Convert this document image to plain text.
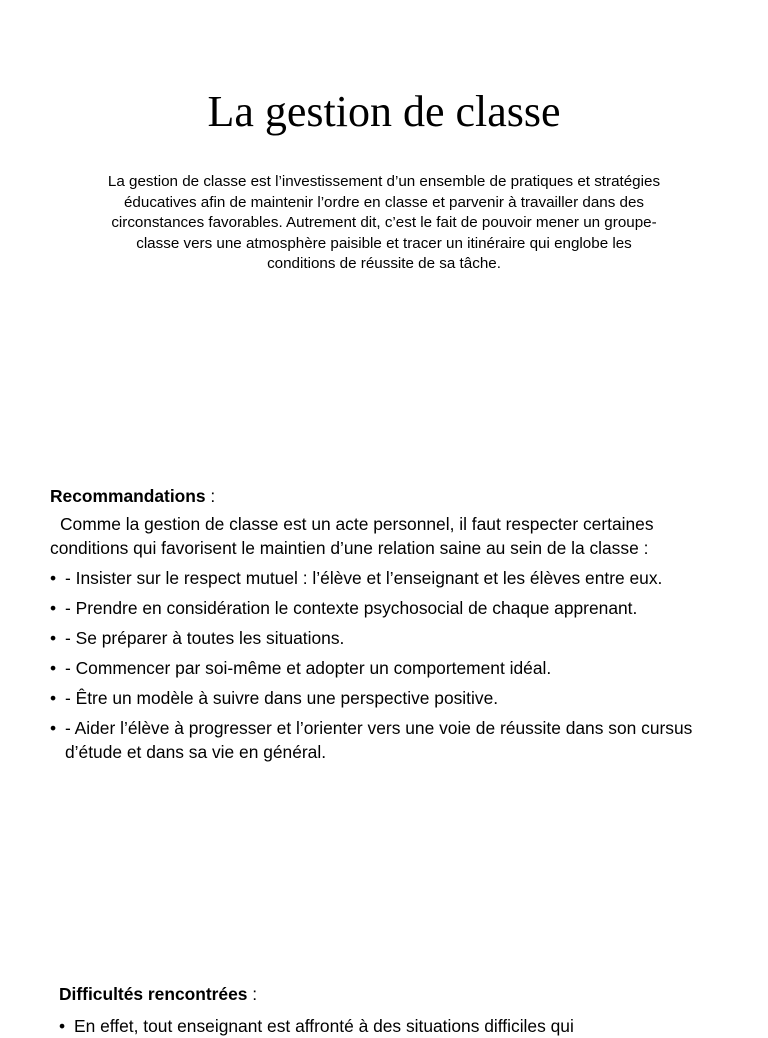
La gestion de classe

La gestion de classe est l’investissement d’un ensemble de pratiques et stratégies éducatives afin de maintenir l’ordre en classe et parvenir à travailler dans des circonstances favorables. Autrement dit, c’est le fait de pouvoir mener un groupe-classe vers une atmosphère paisible et tracer un itinéraire qui englobe les conditions de réussite de sa tâche.

Recommandations :

Comme la gestion de classe est un acte personnel, il faut respecter certaines conditions qui favorisent le maintien d’une relation saine au sein de la classe :

• - Insister sur le respect mutuel : l’élève et l’enseignant et les élèves entre eux.
• - Prendre en considération le contexte psychosocial de chaque apprenant.
• - Se préparer à toutes les situations.
• - Commencer par soi-même et adopter un comportement idéal.
• - Être un modèle à suivre dans une perspective positive.
• - Aider l’élève à progresser et l’orienter vers une voie de réussite dans son cursus d’étude et dans sa vie en général.

Difficultés rencontrées :

• En effet, tout enseignant est affronté à des situations difficiles qui
